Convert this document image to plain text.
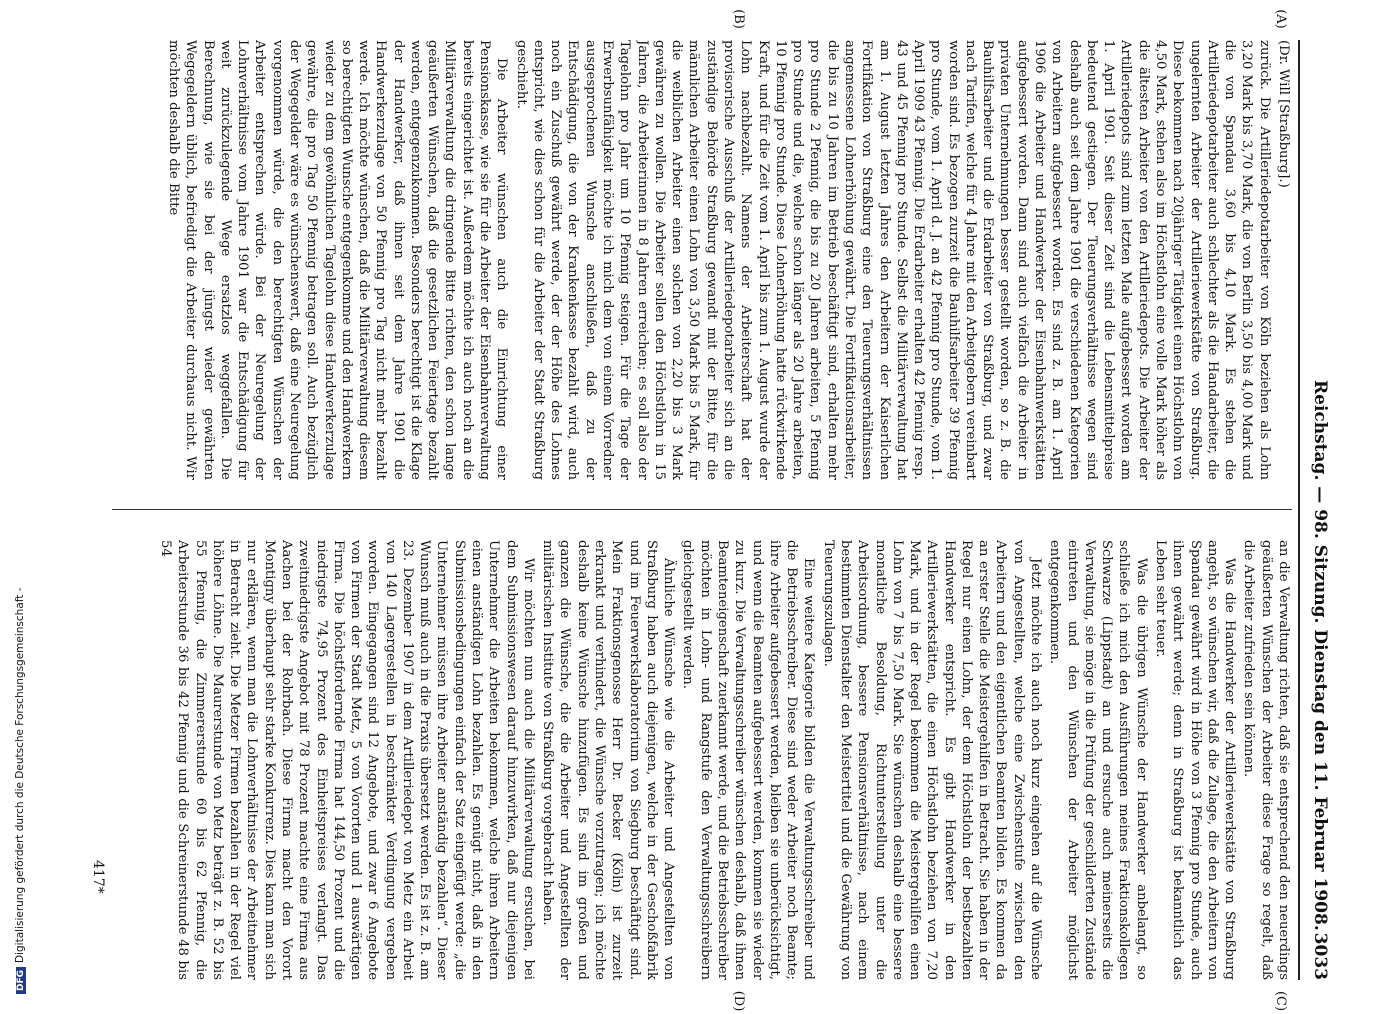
DFGDigitalisierung gefördert durch die Deutsche Forschungsgemeinschaft -	Reichstag. — 98. Sitzung. Dienstag den 11. Februar 1908.
3033
(A)
(B)
(C)
(D)

(Dr. Will [Straßburg].)

zurück. Die Artilleriedepotarbeiter von Köln beziehen als Lohn 3,20 Mark bis 3,70 Mark, die von Berlin 3,50 bis 4,00 Mark und die von Spandau 3,60 bis 4,10 Mark. Es stehen die Artilleriedepotarbeiter auch schlechter als die Handarbeiter, die ungelernten Arbeiter der Artilleriewerkstätte von Straßburg. Diese bekommen nach 20jähriger Tätigkeit einen Höchstlohn von 4,50 Mark, stehen also im Höchstlohn eine volle Mark höher als die ältesten Arbeiter von den Artilleriedepots. Die Arbeiter der Artilleriedepots sind zum letzten Male aufgebessert worden am 1. April 1901. Seit dieser Zeit sind die Lebensmittelpreise bedeutend gestiegen. Der Teuerungsverhältnisse wegen sind deshalb auch seit dem Jahre 1901 die verschiedenen Kategorien von Arbeitern aufgebessert worden. Es sind z. B. am 1. April 1906 die Arbeiter und Handwerker der Eisenbahnwerkstätten aufgebessert worden. Dann sind auch vielfach die Arbeiter in privaten Unternehmungen besser gestellt worden, so z. B. die Bauhilfsarbeiter und die Erdarbeiter von Straßburg, und zwar nach Tarifen, welche für 4 Jahre mit den Arbeitgebern vereinbart worden sind. Es bezogen zurzeit die Bauhilfsarbeiter 39 Pfennig pro Stunde, vom 1. April d. J. an 42 Pfennig pro Stunde, vom 1. April 1909 43 Pfennig. Die Erdarbeiter erhalten 42 Pfennig resp. 43 und 45 Pfennig pro Stunde. Selbst die Militärverwaltung hat am 1. August letzten Jahres den Arbeitern der Kaiserlichen Fortifikation von Straßburg eine den Teuerungsverhältnissen angemessene Lohnerhöhung gewährt. Die Fortifikationsarbeiter, die bis zu 10 Jahren im Betrieb beschäftigt sind, erhalten mehr pro Stunde 2 Pfennig, die bis zu 20 Jahren arbeiten, 5 Pfennig pro Stunde und die, welche schon länger als 20 Jahre arbeiten, 10 Pfennig pro Stunde. Diese Lohnerhöhung hatte rückwirkende Kraft, und für die Zeit vom 1. April bis zum 1. August wurde der Lohn nachbezahlt. Namens der Arbeiterschaft hat der provisorische Ausschuß der Artilleriedepotarbeiter sich an die zuständige Behörde Straßburg gewandt mit der Bitte, für die männlichen Arbeiter einen Lohn von 3,50 Mark bis 5 Mark, für die weiblichen Arbeiter einen solchen von 2,20 bis 3 Mark gewähren zu wollen. Die Arbeiter sollen den Höchstlohn in 15 Jahren, die Arbeiterinnen in 8 Jahren erreichen; es soll also der Tagelohn pro Jahr um 10 Pfennig steigen. Für die Tage der Erwerbsunfähigkeit möchte ich mich dem von einem Vorredner ausgesprochenen Wunsche anschließen, daß zu der Entschädigung, die von der Krankenkasse bezahlt wird, auch noch ein Zuschuß gewährt werde, der der Höhe des Lohnes entspricht, wie dies schon für die Arbeiter der Stadt Straßburg geschieht.

Die Arbeiter wünschen auch die Einrichtung einer Pensionskasse, wie sie für die Arbeiter der Eisenbahnverwaltung bereits eingerichtet ist. Außerdem möchte ich auch noch an die Militärverwaltung die dringende Bitte richten, den schon lange geäußerten Wünschen, daß die gesetzlichen Feiertage bezahlt werden, entgegenzukommen. Besonders berechtigt ist die Klage der Handwerker, daß ihnen seit dem Jahre 1901 die Handwerkerzulage von 50 Pfennig pro Tag nicht mehr bezahlt werde. Ich möchte wünschen, daß die Militärverwaltung diesem so berechtigten Wunsche entgegenkomme und den Handwerkern wieder zu dem gewöhnlichen Tagelohn diese Handwerkerzulage gewähre, die pro Tag 50 Pfennig betragen soll. Auch bezüglich der Wegegelder wäre es wünschenswert, daß eine Neuregelung vorgenommen würde, die den berechtigten Wünschen der Arbeiter entsprechen würde. Bei der Neuregelung der Lohnverhältnisse vom Jahre 1901 war die Entschädigung für weit zurückzulegende Wege ersatzlos weggefallen. Die Berechnung, wie sie bei der jüngst wieder gewährten Wegegeldern üblich, befriedigt die Arbeiter durchaus nicht. Wir möchten deshalb die Bitte

an die Verwaltung richten, daß sie entsprechend den neuerdings geäußerten Wünschen der Arbeiter diese Frage so regelt, daß die Arbeiter zufrieden sein können.

Was die Handwerker der Artilleriewerkstätte von Straßburg angeht, so wünschen wir, daß die Zulage, die den Arbeitern von Spandau gewährt wird in Höhe von 3 Pfennig pro Stunde, auch ihnen gewährt werde; denn in Straßburg ist bekanntlich das Leben sehr teuer.

Was die übrigen Wünsche der Handwerker anbelangt, so schließe ich mich den Ausführungen meines Fraktionskollegen Schwarze (Lippstadt) an und ersuche auch meinerseits die Verwaltung, sie möge in die Prüfung der geschilderten Zustände eintreten und den Wünschen der Arbeiter möglichst entgegenkommen.

Jetzt möchte ich auch noch kurz eingehen auf die Wünsche von Angestellten, welche eine Zwischenstufe zwischen den Arbeitern und den eigentlichen Beamten bilden. Es kommen da an erster Stelle die Meistergehilfen in Betracht. Sie haben in der Regel nur einen Lohn, der dem Höchstlohn der bestbezahlten Handwerker entspricht. Es gibt Handwerker in den Artilleriewerkstätten, die einen Höchstlohn beziehen von 7,20 Mark, und in der Regel bekommen die Meistergehilfen einen Lohn von 7 bis 7,50 Mark. Sie wünschen deshalb eine bessere monatliche Besoldung, Richtunterstellung unter die Arbeitsordnung, bessere Pensionsverhältnisse, nach einem bestimmten Dienstalter den Meistertitel und die Gewährung von Teuerungszulagen.

Eine weitere Kategorie bilden die Verwaltungsschreiber und die Betriebsschreiber. Diese sind weder Arbeiter noch Beamte; ihre Arbeiter aufgebessert werden, bleiben sie unberücksichtigt, und wenn die Beamten aufgebessert werden, kommen sie wieder zu kurz. Die Verwaltungsschreiber wünschen deshalb, daß ihnen Beamteneigenschaft zuerkannt werde, und die Betriebsschreiber möchten in Lohn- und Rangstufe den Verwaltungsschreibern gleichgestellt werden.

Ähnliche Wünsche wie die Arbeiter und Angestellten von Straßburg haben auch diejenigen, welche in der Geschoßfabrik und im Feuerwerkslaboratorium von Siegburg beschäftigt sind. Mein Fraktionsgenosse Herr Dr. Becker (Köln) ist zurzeit erkrankt und verhindert, die Wünsche vorzutragen; ich möchte deshalb keine Wünsche hinzufügen. Es sind im großen und ganzen die Wünsche, die die Arbeiter und Angestellten der militärischen Institute von Straßburg vorgebracht haben.

Wir möchten nun auch die Militärverwaltung ersuchen, bei dem Submissionswesen darauf hinzuwirken, daß nur diejenigen Unternehmer die Arbeiten bekommen, welche ihren Arbeitern einen anständigen Lohn bezahlen. Es genügt nicht, daß in den Submissionsbedingungen einfach der Satz eingefügt werde: „die Unternehmer müssen ihre Arbeiter anständig bezahlen“. Dieser Wunsch muß auch in die Praxis übersetzt werden. Es ist z. B. am 23. Dezember 1907 in dem Artilleriedepot von Metz ein Arbeit von 140 Lagergestellen in beschränkter Verdingung vergeben worden. Eingegangen sind 12 Angebote, und zwar 6 Angebote von Firmen der Stadt Metz, 5 von Vororten und 1 auswärtigen Firma. Die höchstfordernde Firma hat 144,50 Prozent und die niedrigste 74,95 Prozent des Einheitspreises verlangt. Das zweitniedrigste Angebot mit 78 Prozent machte eine Firma aus Aachen bei der Rohrbach. Diese Firma macht den Vorort Montigny überhaupt sehr starke Konkurrenz. Dies kann man sich nur erklären, wenn man die Lohnverhältnisse der Arbeitnehmer in Betracht zieht. Die Metzer Firmen bezahlen in der Regel viel höhere Löhne. Die Maurerstunde von Metz beträgt z. B. 52 bis 55 Pfennig, die Zimmererstunde 60 bis 62 Pfennig, die Arbeiterstunde 36 bis 42 Pfennig und die Schreinerstunde 48 bis 54

417*
